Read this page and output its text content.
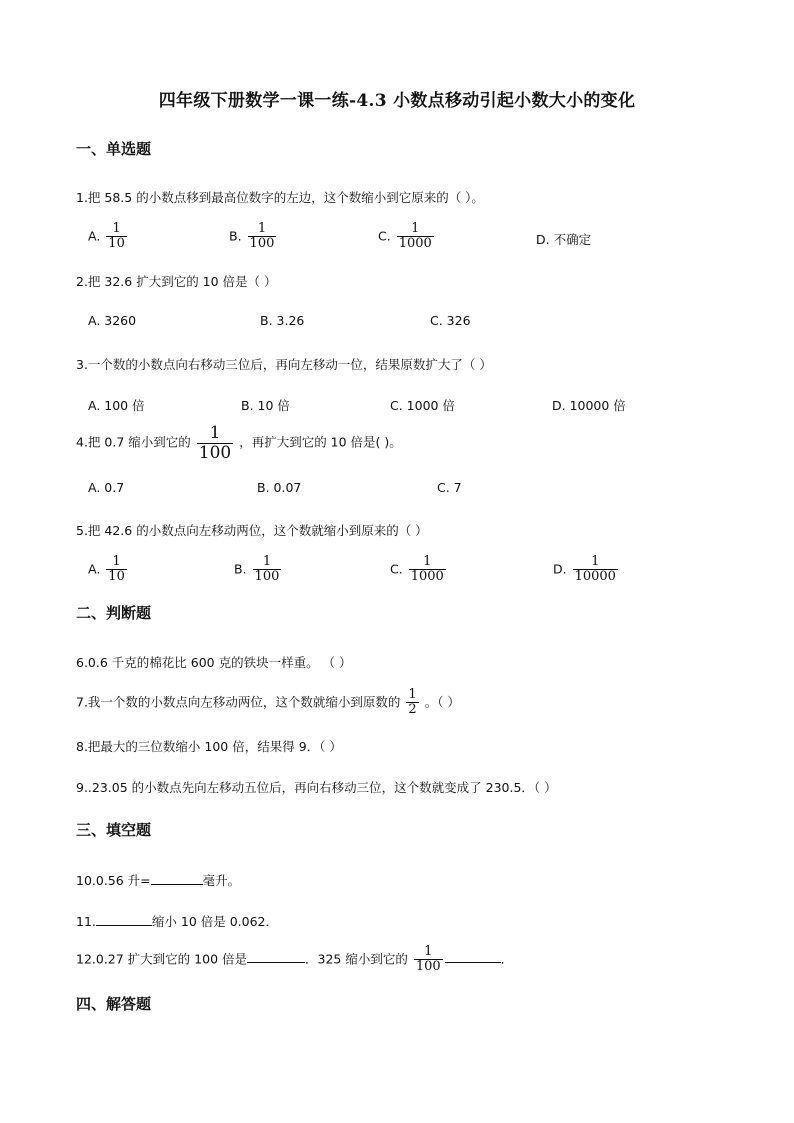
四年级下册数学一课一练-4.3 小数点移动引起小数大小的变化
一、单选题
1.把 58.5 的小数点移到最高位数字的左边，这个数缩小到它原来的（ ）。
A. $\frac{1}{10}$	B. $\frac{1}{100}$	C. $\frac{1}{1000}$	D. 不确定
2.把 32.6 扩大到它的 10 倍是（ ）
A. 3260	B. 3.26	C. 326
3.一个数的小数点向右移动三位后，再向左移动一位，结果原数扩大了（ ）
A. 100 倍	B. 10 倍	C. 1000 倍	D. 10000 倍
4.把 0.7 缩小到它的 $\frac{1}{100}$ ，再扩大到它的 10 倍是( )。
A. 0.7	B. 0.07	C. 7
5.把 42.6 的小数点向左移动两位，这个数就缩小到原来的（ ）
A. $\frac{1}{10}$	B. $\frac{1}{100}$	C. $\frac{1}{1000}$	D. $\frac{1}{10000}$
二、判断题
6.0.6 千克的棉花比 600 克的铁块一样重。 （ ）
7.我一个数的小数点向左移动两位，这个数就缩小到原数的 $\frac{1}{2}$ 。（ ）
8.把最大的三位数缩小 100 倍，结果得 9．（ ）
9..23.05 的小数点先向左移动五位后，再向右移动三位，这个数就变成了 230.5．（ ）
三、填空题
10.0.56 升=	毫升。
11.	缩小 10 倍是 0.062．
12.0.27 扩大到它的 100 倍是	．325 缩小到它的 $\frac{1}{100}$	．
四、解答题
